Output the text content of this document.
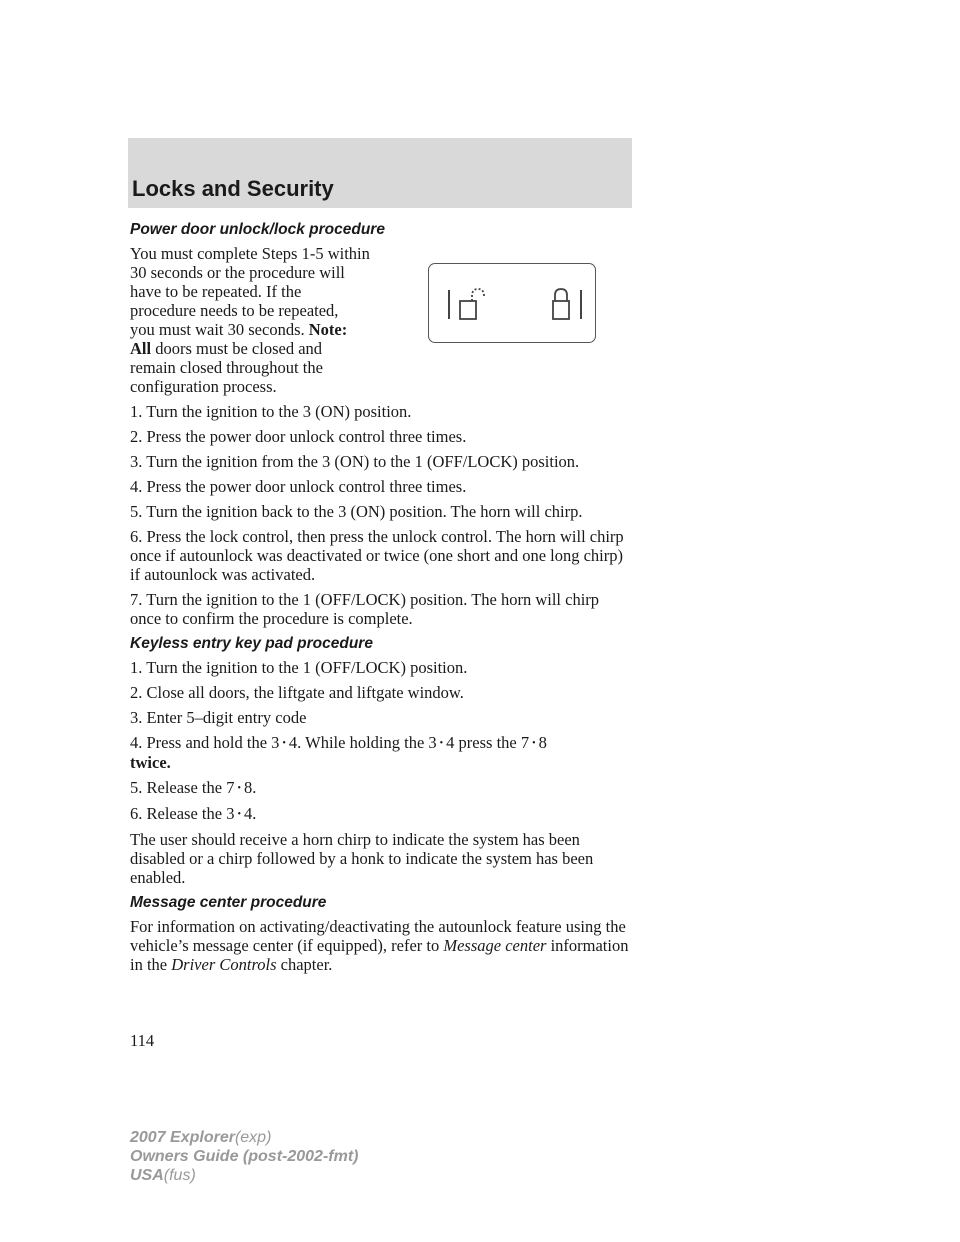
Locks and Security
Power door unlock/lock procedure
You must complete Steps 1-5 within
30 seconds or the procedure will
have to be repeated. If the
procedure needs to be repeated,
you must wait 30 seconds. Note:
All doors must be closed and
remain closed throughout the
configuration process.

1. Turn the ignition to the 3 (ON) position.

2. Press the power door unlock control three times.

3. Turn the ignition from the 3 (ON) to the 1 (OFF/LOCK) position.

4. Press the power door unlock control three times.

5. Turn the ignition back to the 3 (ON) position. The horn will chirp.

6. Press the lock control, then press the unlock control. The horn will chirp once if autounlock was deactivated or twice (one short and one long chirp) if autounlock was activated.

7. Turn the ignition to the 1 (OFF/LOCK) position. The horn will chirp once to confirm the procedure is complete.

Keyless entry key pad procedure

1. Turn the ignition to the 1 (OFF/LOCK) position.

2. Close all doors, the liftgate and liftgate window.

3. Enter 5–digit entry code

4. Press and hold the 3 • 4. While holding the 3 • 4 press the 7 • 8
twice.

5. Release the 7 • 8.

6. Release the 3 • 4.

The user should receive a horn chirp to indicate the system has been disabled or a chirp followed by a honk to indicate the system has been enabled.

Message center procedure

For information on activating/deactivating the autounlock feature using the vehicle’s message center (if equipped), refer to Message center information in the Driver Controls chapter.

114
2007 Explorer(exp)
Owners Guide (post-2002-fmt)
USA(fus)
